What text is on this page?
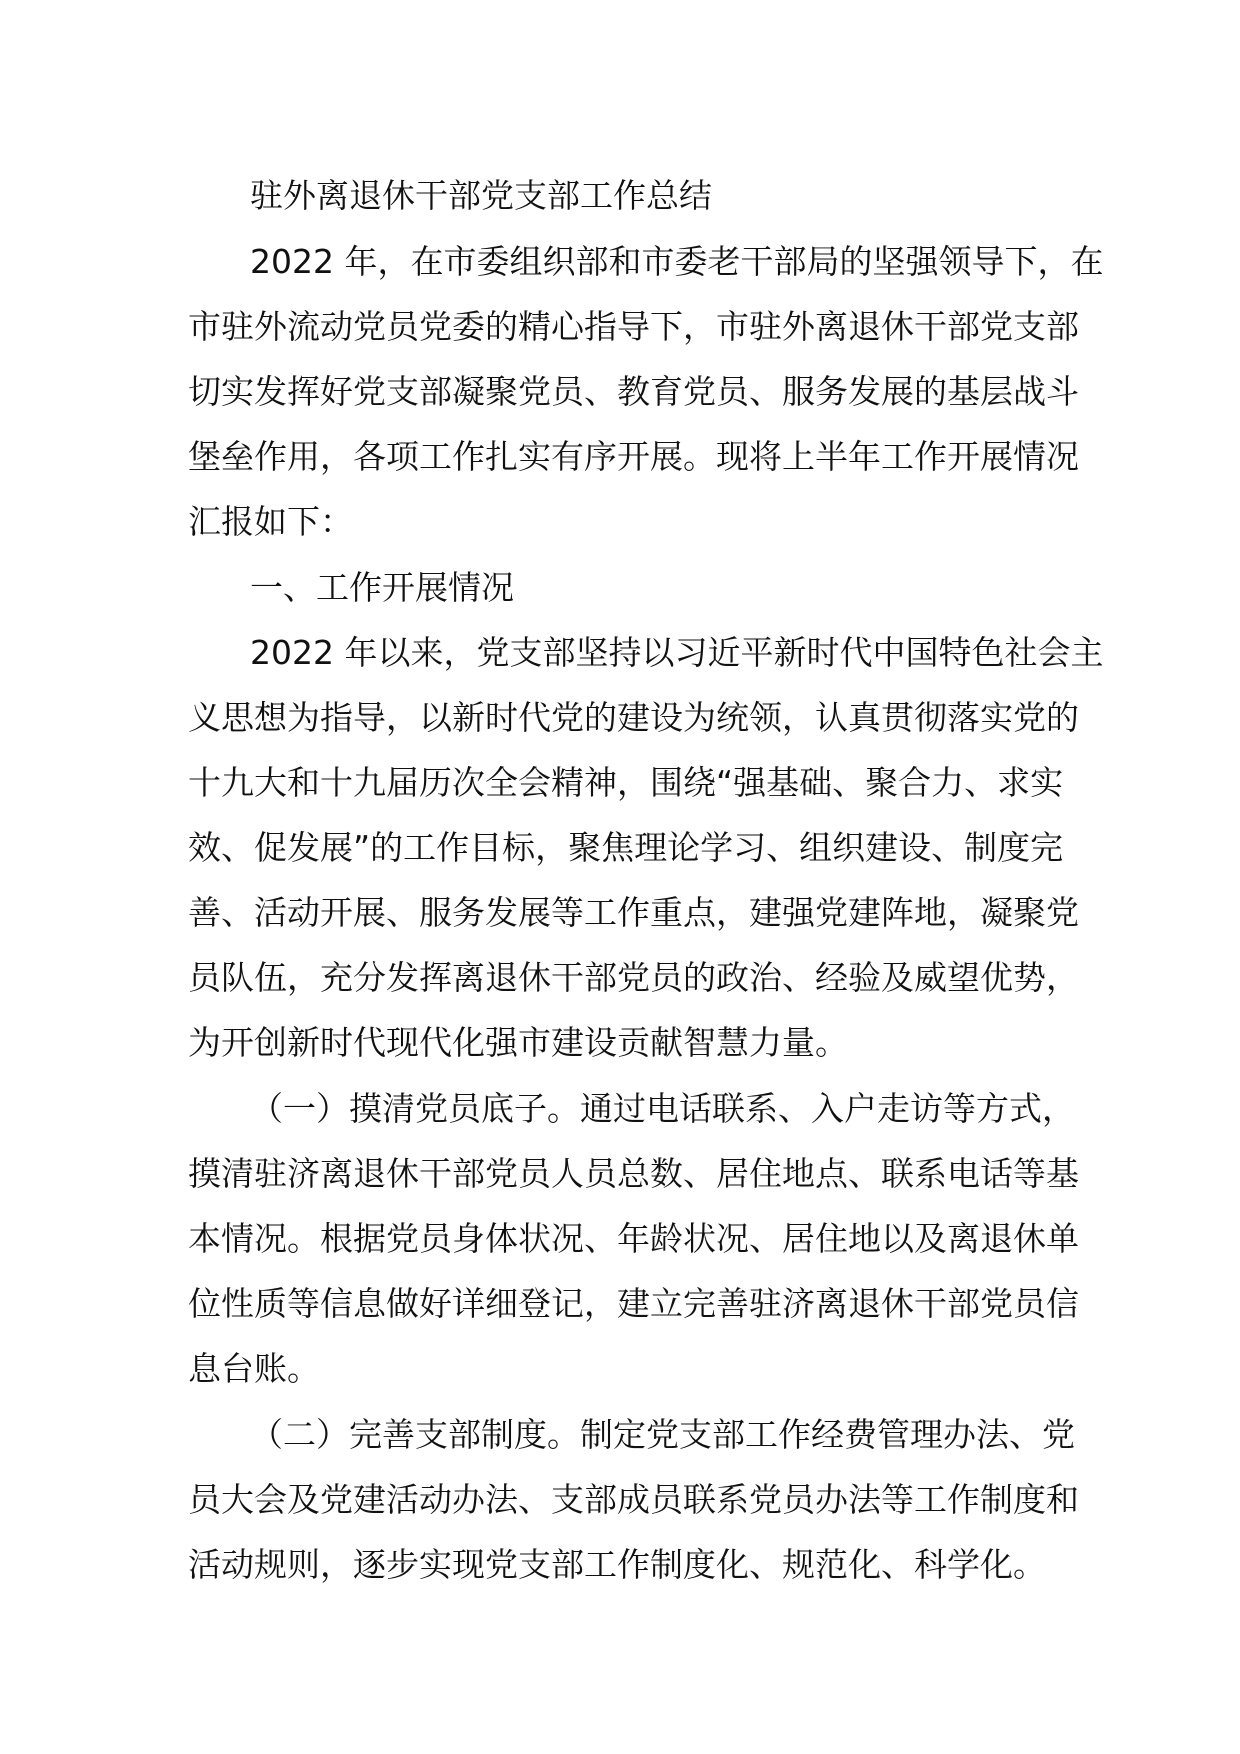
驻外离退休干部党支部工作总结
2022 年，在市委组织部和市委老干部局的坚强领导下，在
市驻外流动党员党委的精心指导下，市驻外离退休干部党支部
切实发挥好党支部凝聚党员、教育党员、服务发展的基层战斗
堡垒作用，各项工作扎实有序开展。现将上半年工作开展情况
汇报如下：
一、工作开展情况
2022 年以来，党支部坚持以习近平新时代中国特色社会主
义思想为指导，以新时代党的建设为统领，认真贯彻落实党的
十九大和十九届历次全会精神，围绕“强基础、聚合力、求实
效、促发展”的工作目标，聚焦理论学习、组织建设、制度完
善、活动开展、服务发展等工作重点，建强党建阵地，凝聚党
员队伍，充分发挥离退休干部党员的政治、经验及威望优势，
为开创新时代现代化强市建设贡献智慧力量。
（一）摸清党员底子。通过电话联系、入户走访等方式，
摸清驻济离退休干部党员人员总数、居住地点、联系电话等基
本情况。根据党员身体状况、年龄状况、居住地以及离退休单
位性质等信息做好详细登记，建立完善驻济离退休干部党员信
息台账。
（二）完善支部制度。制定党支部工作经费管理办法、党
员大会及党建活动办法、支部成员联系党员办法等工作制度和
活动规则，逐步实现党支部工作制度化、规范化、科学化。
